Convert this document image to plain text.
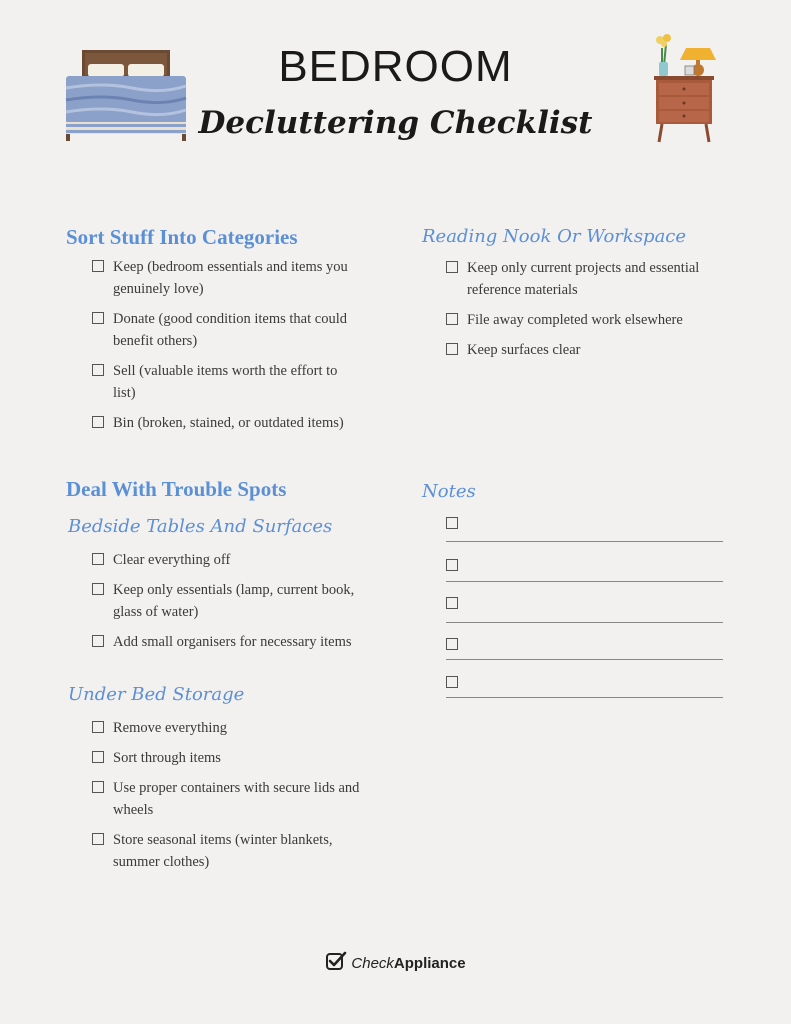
BEDROOM
Decluttering Checklist
Sort Stuff Into Categories
Keep (bedroom essentials and items you genuinely love)
Donate (good condition items that could benefit others)
Sell (valuable items worth the effort to list)
Bin (broken, stained, or outdated items)
Reading Nook Or Workspace
Keep only current projects and essential reference materials
File away completed work elsewhere
Keep surfaces clear
Deal With Trouble Spots
Bedside Tables And Surfaces
Clear everything off
Keep only essentials (lamp, current book, glass of water)
Add small organisers for necessary items
Under Bed Storage
Remove everything
Sort through items
Use proper containers with secure lids and wheels
Store seasonal items (winter blankets, summer clothes)
Notes
Check Appliance
